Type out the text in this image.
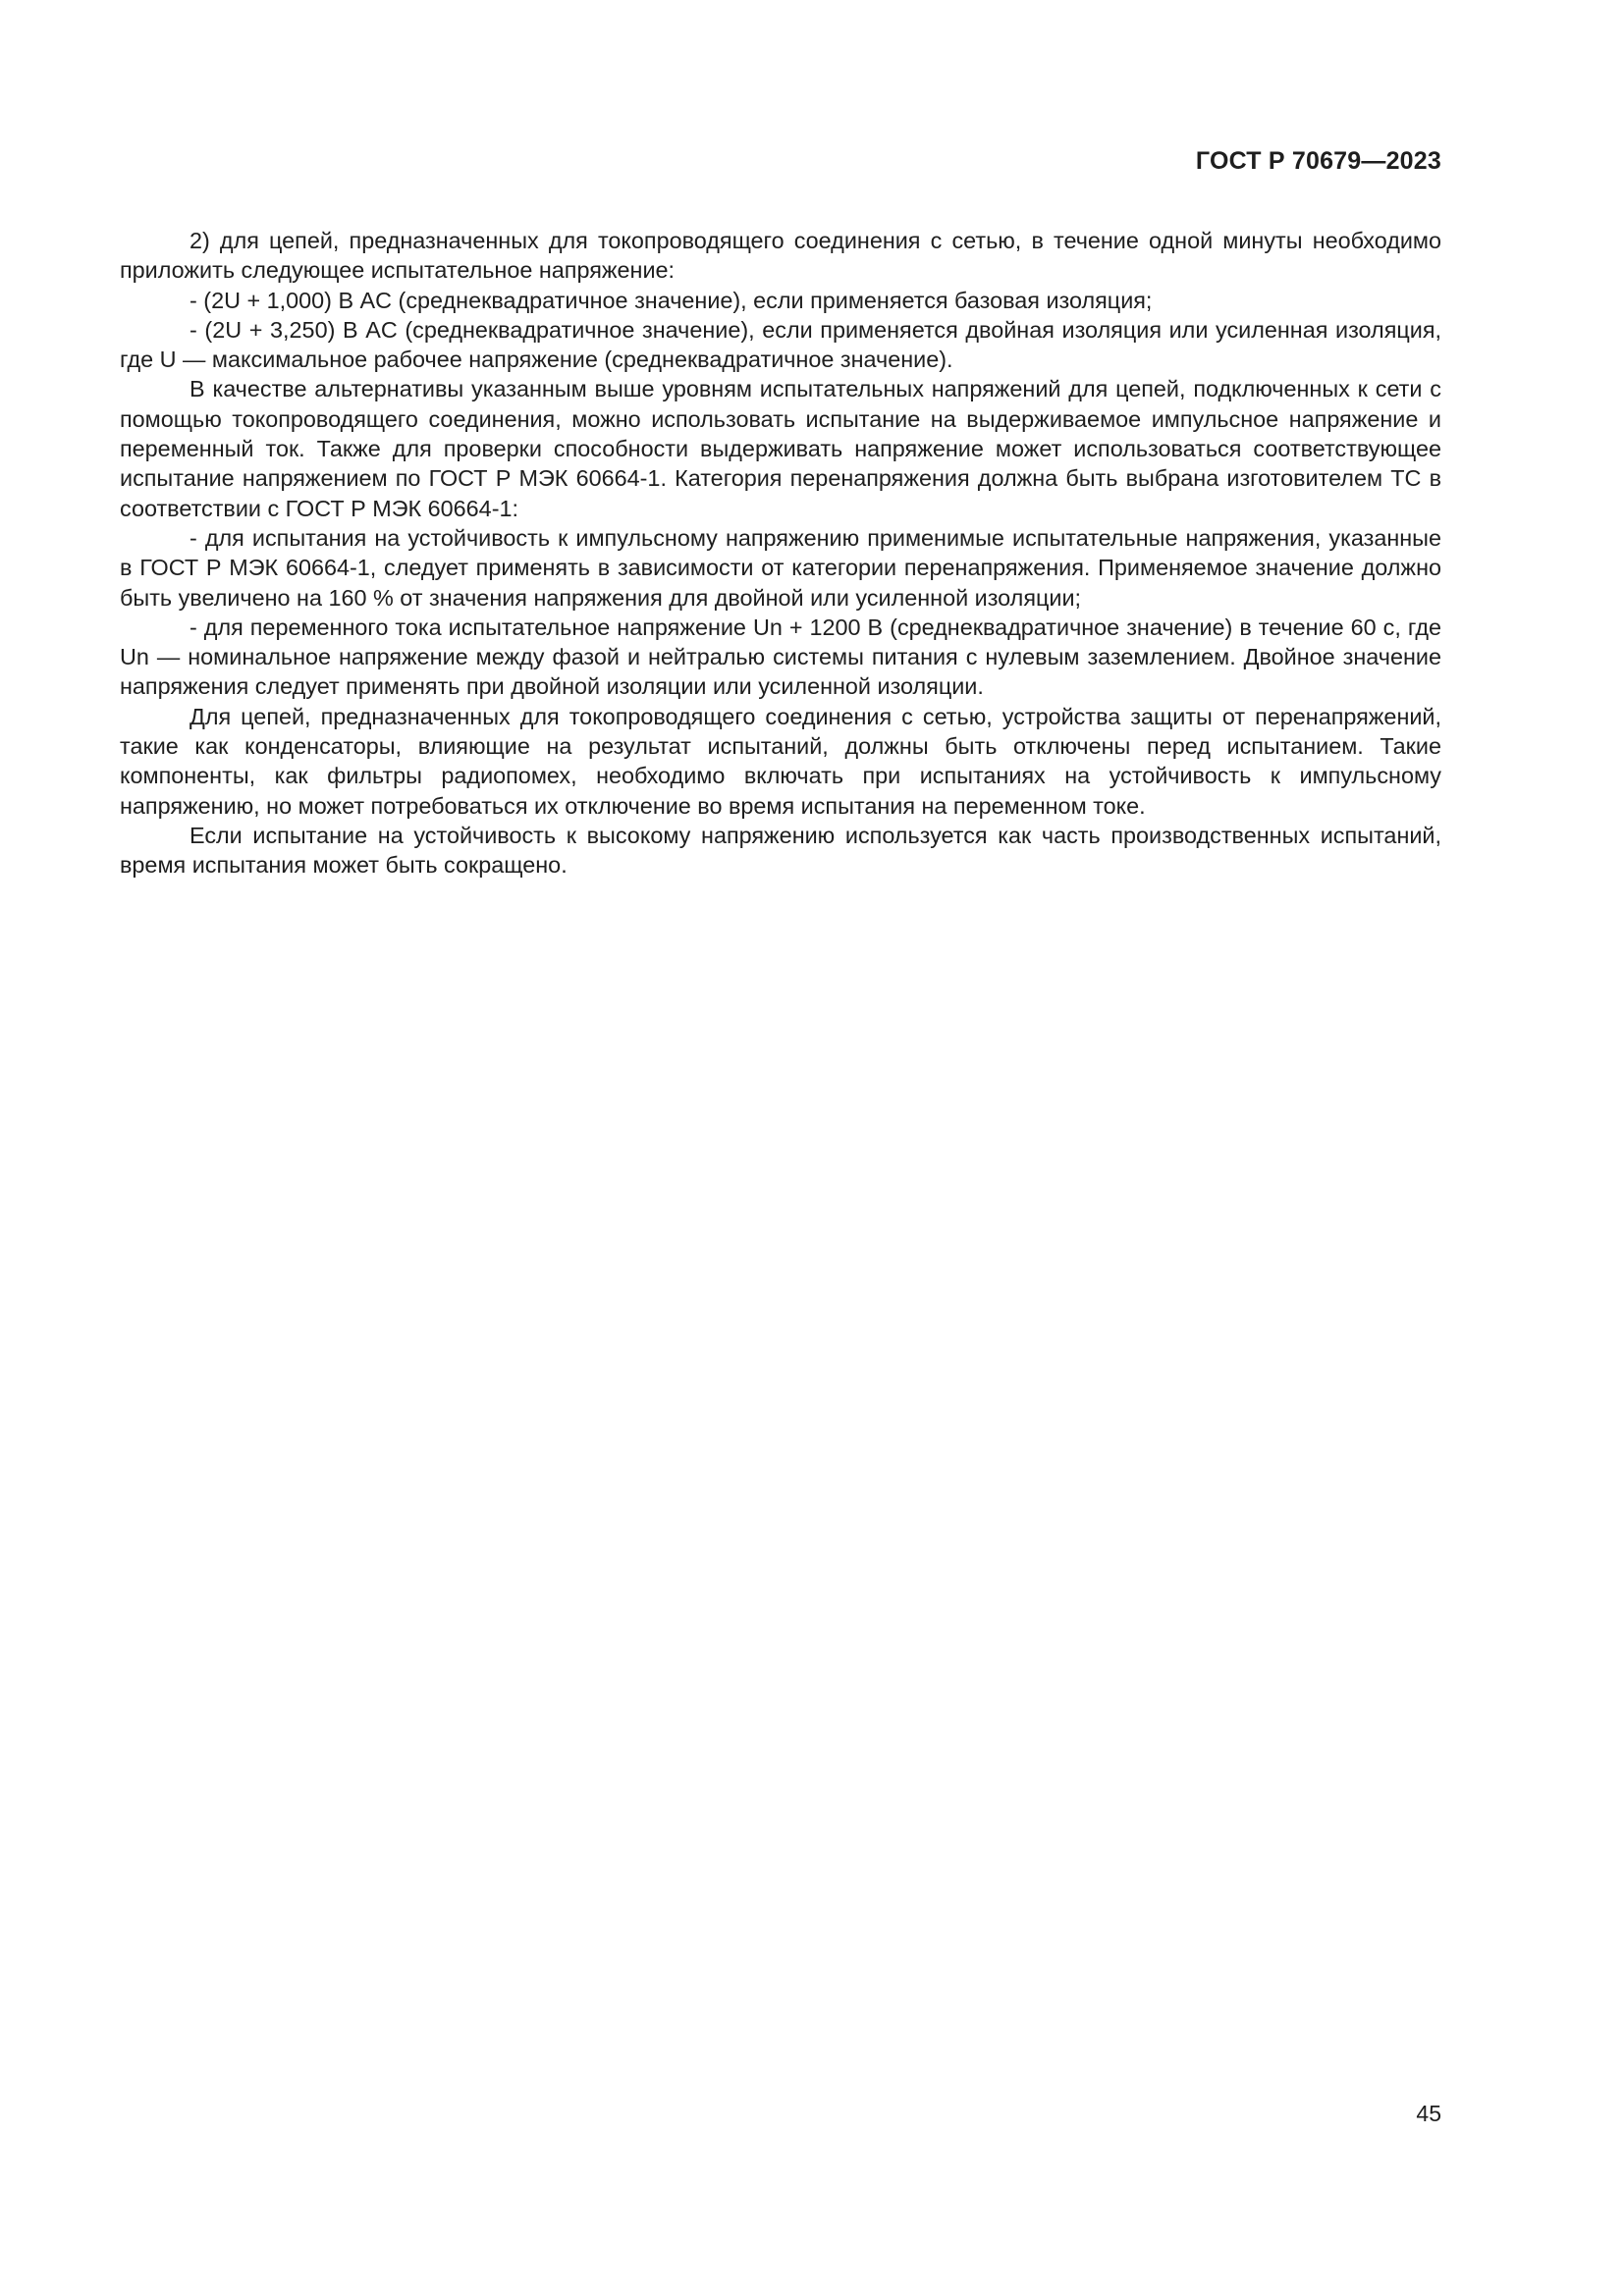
ГОСТ Р 70679—2023

2) для цепей, предназначенных для токопроводящего соединения с сетью, в течение одной минуты необходимо приложить следующее испытательное напряжение:

- (2U + 1,000) В AC (среднеквадратичное значение), если применяется базовая изоляция;

- (2U + 3,250) В AC (среднеквадратичное значение), если применяется двойная изоляция или усиленная изоляция, где U — максимальное рабочее напряжение (среднеквадратичное значение).

В качестве альтернативы указанным выше уровням испытательных напряжений для цепей, подключенных к сети с помощью токопроводящего соединения, можно использовать испытание на выдерживаемое импульсное напряжение и переменный ток. Также для проверки способности выдерживать напряжение может использоваться соответствующее испытание напряжением по ГОСТ Р МЭК 60664-1. Категория перенапряжения должна быть выбрана изготовителем ТС в соответствии с ГОСТ Р МЭК 60664-1:

- для испытания на устойчивость к импульсному напряжению применимые испытательные напряжения, указанные в ГОСТ Р МЭК 60664-1, следует применять в зависимости от категории перенапряжения. Применяемое значение должно быть увеличено на 160 % от значения напряжения для двойной или усиленной изоляции;

- для переменного тока испытательное напряжение Un + 1200 В (среднеквадратичное значение) в течение 60 с, где Un — номинальное напряжение между фазой и нейтралью системы питания с нулевым заземлением. Двойное значение напряжения следует применять при двойной изоляции или усиленной изоляции.

Для цепей, предназначенных для токопроводящего соединения с сетью, устройства защиты от перенапряжений, такие как конденсаторы, влияющие на результат испытаний, должны быть отключены перед испытанием. Такие компоненты, как фильтры радиопомех, необходимо включать при испытаниях на устойчивость к импульсному напряжению, но может потребоваться их отключение во время испытания на переменном токе.

Если испытание на устойчивость к высокому напряжению используется как часть производственных испытаний, время испытания может быть сокращено.

45
